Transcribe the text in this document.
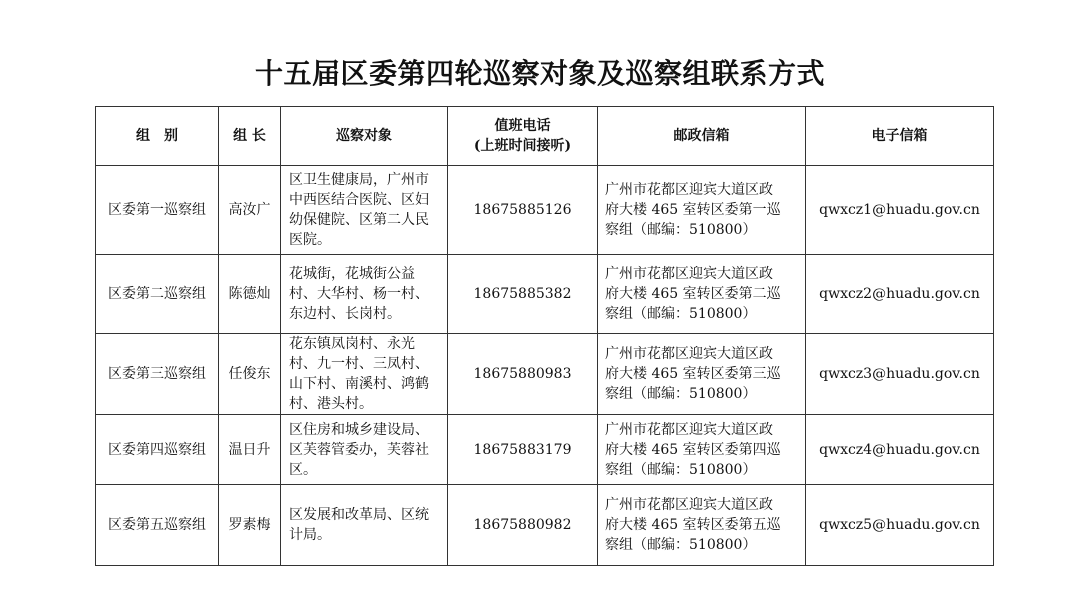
十五届区委第四轮巡察对象及巡察组联系方式
组　别	组 长	巡察对象	值班电话
(上班时间接听)	邮政信箱	电子信箱
区委第一巡察组	高汝广	区卫生健康局，广州市
中西医结合医院、区妇
幼保健院、区第二人民
医院。	18675885126	广州市花都区迎宾大道区政
府大楼 465 室转区委第一巡
察组（邮编：510800）	qwxcz1@huadu.gov.cn
区委第二巡察组	陈德灿	花城街，花城街公益
村、大华村、杨一村、
东边村、长岗村。	18675885382	广州市花都区迎宾大道区政
府大楼 465 室转区委第二巡
察组（邮编：510800）	qwxcz2@huadu.gov.cn
区委第三巡察组	任俊东	花东镇凤岗村、永光
村、九一村、三凤村、
山下村、南溪村、鸿鹤
村、港头村。	18675880983	广州市花都区迎宾大道区政
府大楼 465 室转区委第三巡
察组（邮编：510800）	qwxcz3@huadu.gov.cn
区委第四巡察组	温日升	区住房和城乡建设局、
区芙蓉管委办，芙蓉社
区。	18675883179	广州市花都区迎宾大道区政
府大楼 465 室转区委第四巡
察组（邮编：510800）	qwxcz4@huadu.gov.cn
区委第五巡察组	罗素梅	区发展和改革局、区统
计局。	18675880982	广州市花都区迎宾大道区政
府大楼 465 室转区委第五巡
察组（邮编：510800）	qwxcz5@huadu.gov.cn
